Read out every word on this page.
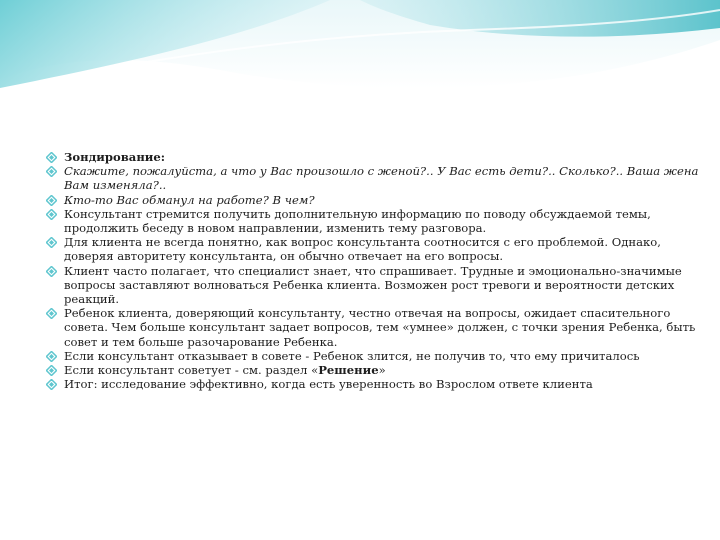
Зондирование:
Скажите, пожалуйста, а что у Вас произошло с женой?.. У Вас есть дети?.. Сколько?.. Ваша жена Вам изменяла?..
Кто-то Вас обманул на работе? В чем?
Консультант стремится получить дополнительную информацию по поводу обсуждаемой темы, продолжить беседу в новом направлении, изменить тему разговора.
Для клиента не всегда понятно, как вопрос консультанта соотносится с его проблемой. Однако, доверяя авторитету консультанта, он обычно отвечает на его вопросы.
Клиент часто полагает, что специалист знает, что спрашивает. Трудные и эмоционально-значимые вопросы заставляют волноваться Ребенка клиента. Возможен рост тревоги и вероятности детских реакций.
Ребенок клиента, доверяющий консультанту, честно отвечая на вопросы, ожидает спасительного совета. Чем больше консультант задает вопросов, тем «умнее» должен, с точки зрения Ребенка, быть совет и тем больше разочарование Ребенка.
Если консультант отказывает в совете - Ребенок злится, не получив то, что ему причиталось
Если консультант советует - см. раздел «Решение»
Итог: исследование эффективно, когда есть уверенность во Взрослом ответе клиента
